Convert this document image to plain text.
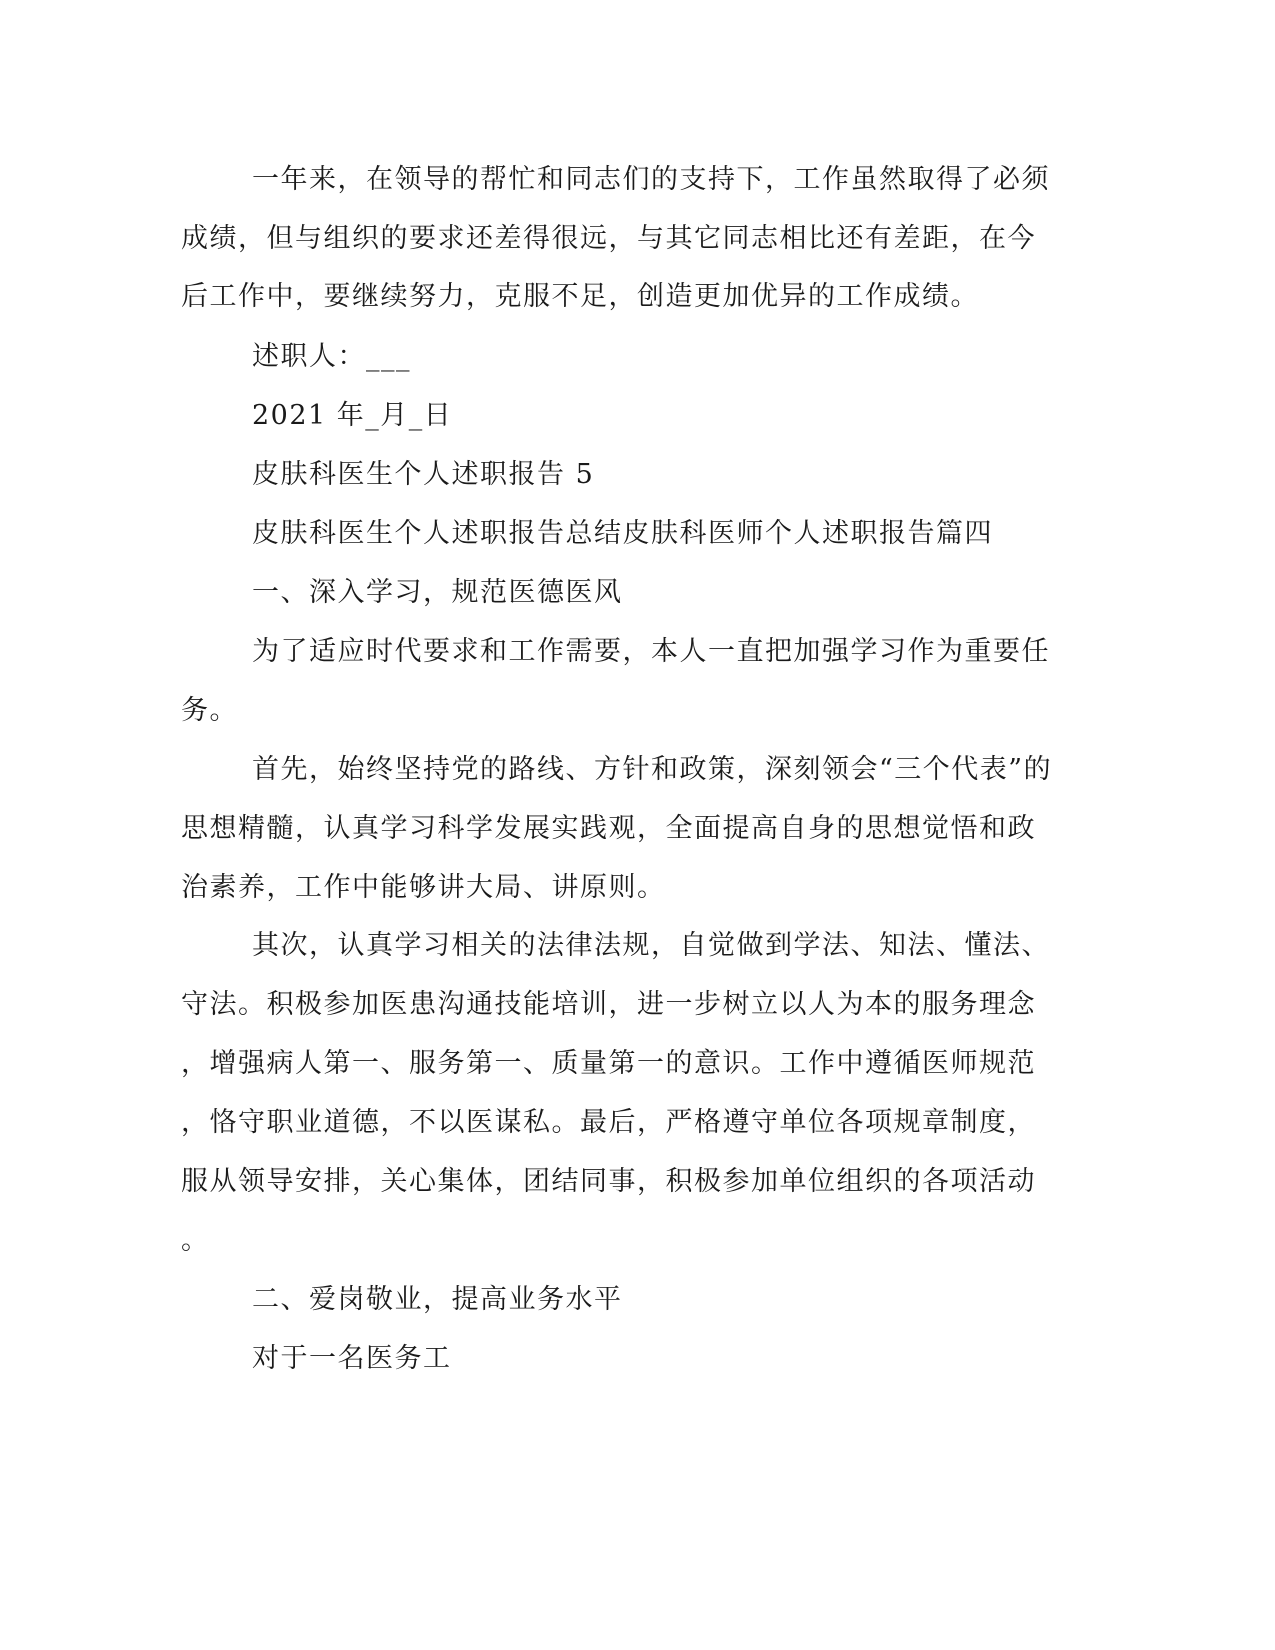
一年来，在领导的帮忙和同志们的支持下，工作虽然取得了必须

成绩，但与组织的要求还差得很远，与其它同志相比还有差距，在今

后工作中，要继续努力，克服不足，创造更加优异的工作成绩。

述职人：___

2021 年_月_日

皮肤科医生个人述职报告 5

皮肤科医生个人述职报告总结皮肤科医师个人述职报告篇四

一、深入学习，规范医德医风

为了适应时代要求和工作需要，本人一直把加强学习作为重要任

务。

首先，始终坚持党的路线、方针和政策，深刻领会“三个代表”的

思想精髓，认真学习科学发展实践观，全面提高自身的思想觉悟和政

治素养，工作中能够讲大局、讲原则。

其次，认真学习相关的法律法规，自觉做到学法、知法、懂法、

守法。积极参加医患沟通技能培训，进一步树立以人为本的服务理念

，增强病人第一、服务第一、质量第一的意识。工作中遵循医师规范

，恪守职业道德，不以医谋私。最后，严格遵守单位各项规章制度，

服从领导安排，关心集体，团结同事，积极参加单位组织的各项活动

。

二、爱岗敬业，提高业务水平

对于一名医务工
